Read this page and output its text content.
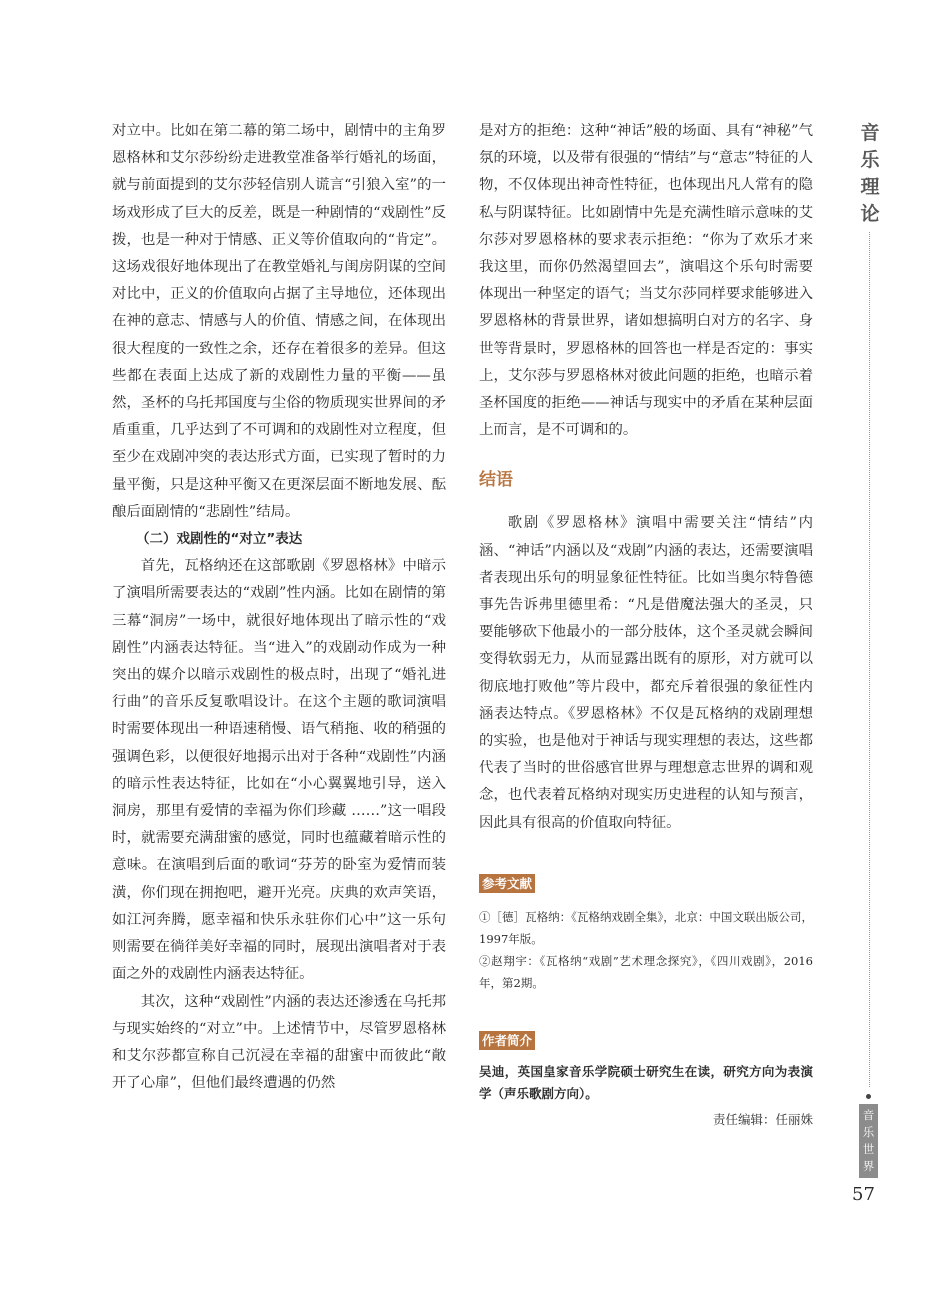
对立中。比如在第二幕的第二场中，剧情中的主角罗恩格林和艾尔莎纷纷走进教堂准备举行婚礼的场面，就与前面提到的艾尔莎轻信别人谎言“引狼入室”的一场戏形成了巨大的反差，既是一种剧情的“戏剧性”反拨，也是一种对于情感、正义等价值取向的“肯定”。这场戏很好地体现出了在教堂婚礼与闺房阴谋的空间对比中，正义的价值取向占据了主导地位，还体现出在神的意志、情感与人的价值、情感之间，在体现出很大程度的一致性之余，还存在着很多的差异。但这些都在表面上达成了新的戏剧性力量的平衡——虽然，圣杯的乌托邦国度与尘俗的物质现实世界间的矛盾重重，几乎达到了不可调和的戏剧性对立程度，但至少在戏剧冲突的表达形式方面，已实现了暂时的力量平衡，只是这种平衡又在更深层面不断地发展、酝酿后面剧情的“悲剧性”结局。

（二）戏剧性的“对立”表达

首先，瓦格纳还在这部歌剧《罗恩格林》中暗示了演唱所需要表达的“戏剧”性内涵。比如在剧情的第三幕“洞房”一场中，就很好地体现出了暗示性的“戏剧性”内涵表达特征。当“进入”的戏剧动作成为一种突出的媒介以暗示戏剧性的极点时，出现了“婚礼进行曲”的音乐反复歌唱设计。在这个主题的歌词演唱时需要体现出一种语速稍慢、语气稍拖、收的稍强的强调色彩，以便很好地揭示出对于各种“戏剧性”内涵的暗示性表达特征，比如在“小心翼翼地引导，送入洞房，那里有爱情的幸福为你们珍藏 ……”这一唱段时，就需要充满甜蜜的感觉，同时也蕴藏着暗示性的意味。在演唱到后面的歌词“芬芳的卧室为爱情而装潢，你们现在拥抱吧，避开光亮。庆典的欢声笑语，如江河奔腾，愿幸福和快乐永驻你们心中”这一乐句则需要在徜徉美好幸福的同时，展现出演唱者对于表面之外的戏剧性内涵表达特征。

其次，这种“戏剧性”内涵的表达还渗透在乌托邦与现实始终的“对立”中。上述情节中，尽管罗恩格林和艾尔莎都宣称自己沉浸在幸福的甜蜜中而彼此“敞开了心扉”，但他们最终遭遇的仍然

是对方的拒绝：这种“神话”般的场面、具有“神秘”气氛的环境，以及带有很强的“情结”与“意志”特征的人物，不仅体现出神奇性特征，也体现出凡人常有的隐私与阴谋特征。比如剧情中先是充满性暗示意味的艾尔莎对罗恩格林的要求表示拒绝：“你为了欢乐才来我这里，而你仍然渴望回去”，演唱这个乐句时需要体现出一种坚定的语气；当艾尔莎同样要求能够进入罗恩格林的背景世界，诸如想搞明白对方的名字、身世等背景时，罗恩格林的回答也一样是否定的：事实上，艾尔莎与罗恩格林对彼此问题的拒绝，也暗示着圣杯国度的拒绝——神话与现实中的矛盾在某种层面上而言，是不可调和的。

结语

歌剧《罗恩格林》演唱中需要关注“情结”内涵、“神话”内涵以及“戏剧”内涵的表达，还需要演唱者表现出乐句的明显象征性特征。比如当奥尔特鲁德事先告诉弗里德里希：“凡是借魔法强大的圣灵，只要能够砍下他最小的一部分肢体，这个圣灵就会瞬间变得软弱无力，从而显露出既有的原形，对方就可以彻底地打败他”等片段中，都充斥着很强的象征性内涵表达特点。《罗恩格林》不仅是瓦格纳的戏剧理想的实验，也是他对于神话与现实理想的表达，这些都代表了当时的世俗感官世界与理想意志世界的调和观念，也代表着瓦格纳对现实历史进程的认知与预言，因此具有很高的价值取向特征。

参考文献

①［德］瓦格纳：《瓦格纳戏剧全集》，北京：中国文联出版公司，1997年版。

②赵翔宇：《瓦格纳“戏剧”艺术理念探究》，《四川戏剧》，2016年，第2期。

作者简介
吴迪，英国皇家音乐学院硕士研究生在读，研究方向为表演学（声乐歌剧方向）。
责任编辑：任丽姝
音
乐
理
论
音
乐
世
界
57
